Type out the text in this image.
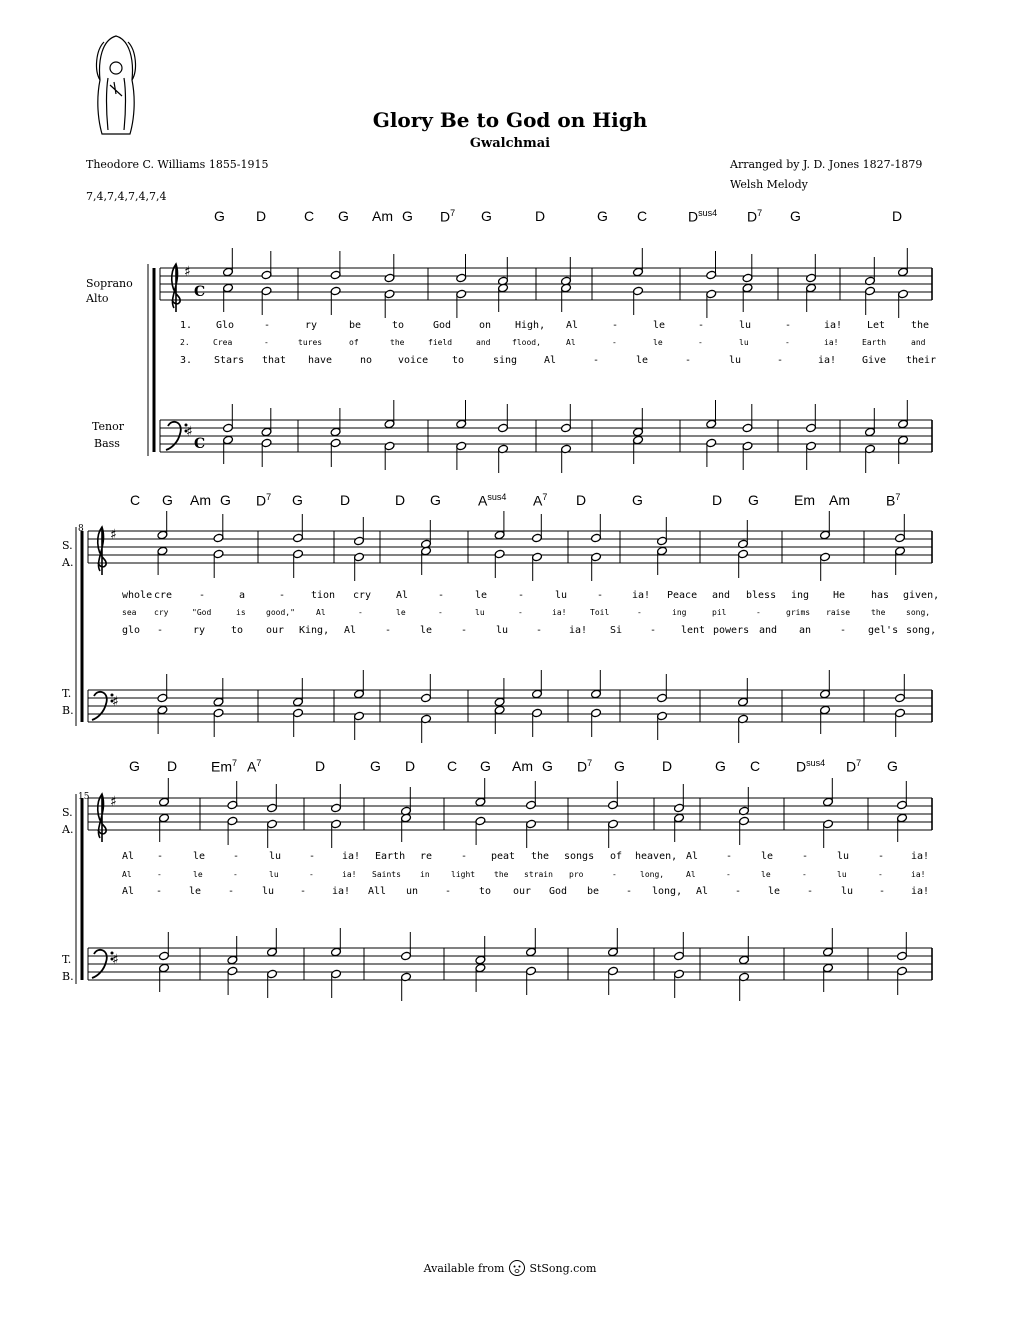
Glory Be to God on High
Gwalchmai
Theodore C. Williams 1855-1915
7,4,7,4,7,4,7,4
Arranged by J. D. Jones 1827-1879
Welsh Melody
Soprano
Alto
Tenor
Bass
S.
A.
T.
B.
S.
A.
T.
B.
8
15
♯
♯
C
C
♯
♯
♯
♯
G D	C G Am G $D^7$ G	D	G C	$D^{sus4}$ $D^7$ G	D
C G Am G $D^7$ G	D	D G	$A^{sus4}$ $A^7$ D	G	D G	Em Am	$B^7$
G D Em$^7$ $A^7$	D	G D C G Am G $D^7$ G	D	G C	$D^{sus4}$ $D^7$ G
1. Glo	-	ry	be	to	God	on High, Al	-	le	-	lu	-	ia! Let	the
2.	Crea	-	tures	of	the	field	and	flood,	Al	-	le	-	lu	-	ia!	Earth	and
3. Stars that have	no	voice to	sing	Al	-	le	-	lu	-	ia!	Give their
whole cre	-	a	-	tion cry Al	-	le	-	lu	-	ia! Peace and bless ing He	has given,
sea cry	"God	is	good,"	Al	-	le	-	lu	-	ia!	Toil	-	ing	pil	-	grims raise	the	song,
glo -	ry	to our King, Al	-	le	-	lu	-	ia! Si	- lent powers and an	- gel's song,
Al -	le	-	lu	-	ia! Earth re	- peat the songs of heaven, Al	-	le	-	lu	-	ia!
Al	-	le	-	lu	-	ia! Saints in	light the strain pro	-	long,	Al	-	le	-	lu	-	ia!
Al -	le	-	lu	-	ia! All un	-	to our God be	- long, Al	-	le	-	lu	-	ia!
Available from StSong.com
